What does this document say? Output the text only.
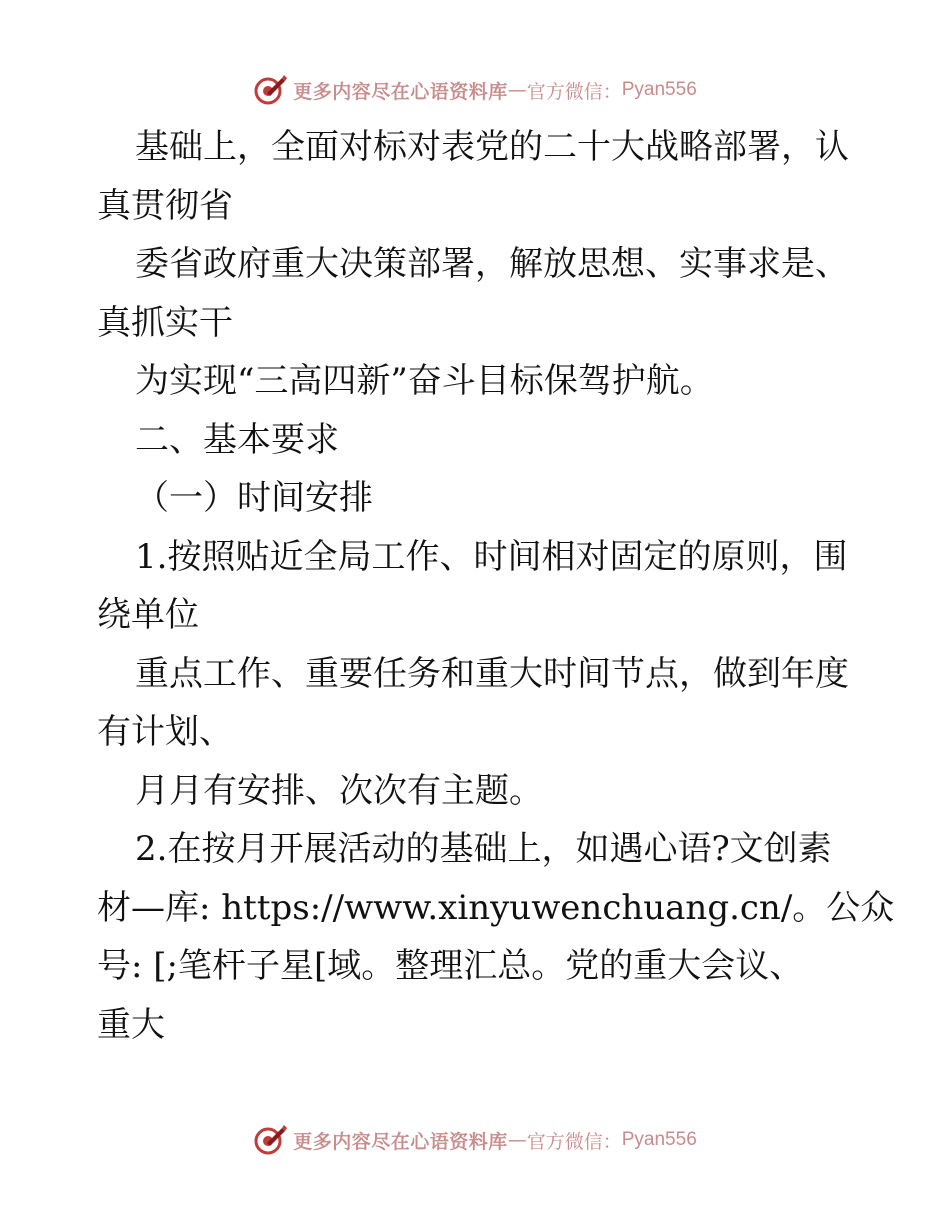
更多内容尽在心语资料库 — 官方微信： Pyan556
基础上，全面对标对表党的二十大战略部署，认
真贯彻省
委省政府重大决策部署，解放思想、实事求是、
真抓实干
为实现“三高四新”奋斗目标保驾护航。
二、基本要求
（一）时间安排
1.按照贴近全局工作、时间相对固定的原则，围
绕单位
重点工作、重要任务和重大时间节点，做到年度
有计划、
月月有安排、次次有主题。
2.在按月开展活动的基础上，如遇心语?文创素
材—库: https://www.xinyuwenchuang.cn/。公众
号: [;笔杆子星[域。整理汇总。党的重大会议、
重大
更多内容尽在心语资料库 — 官方微信： Pyan556
